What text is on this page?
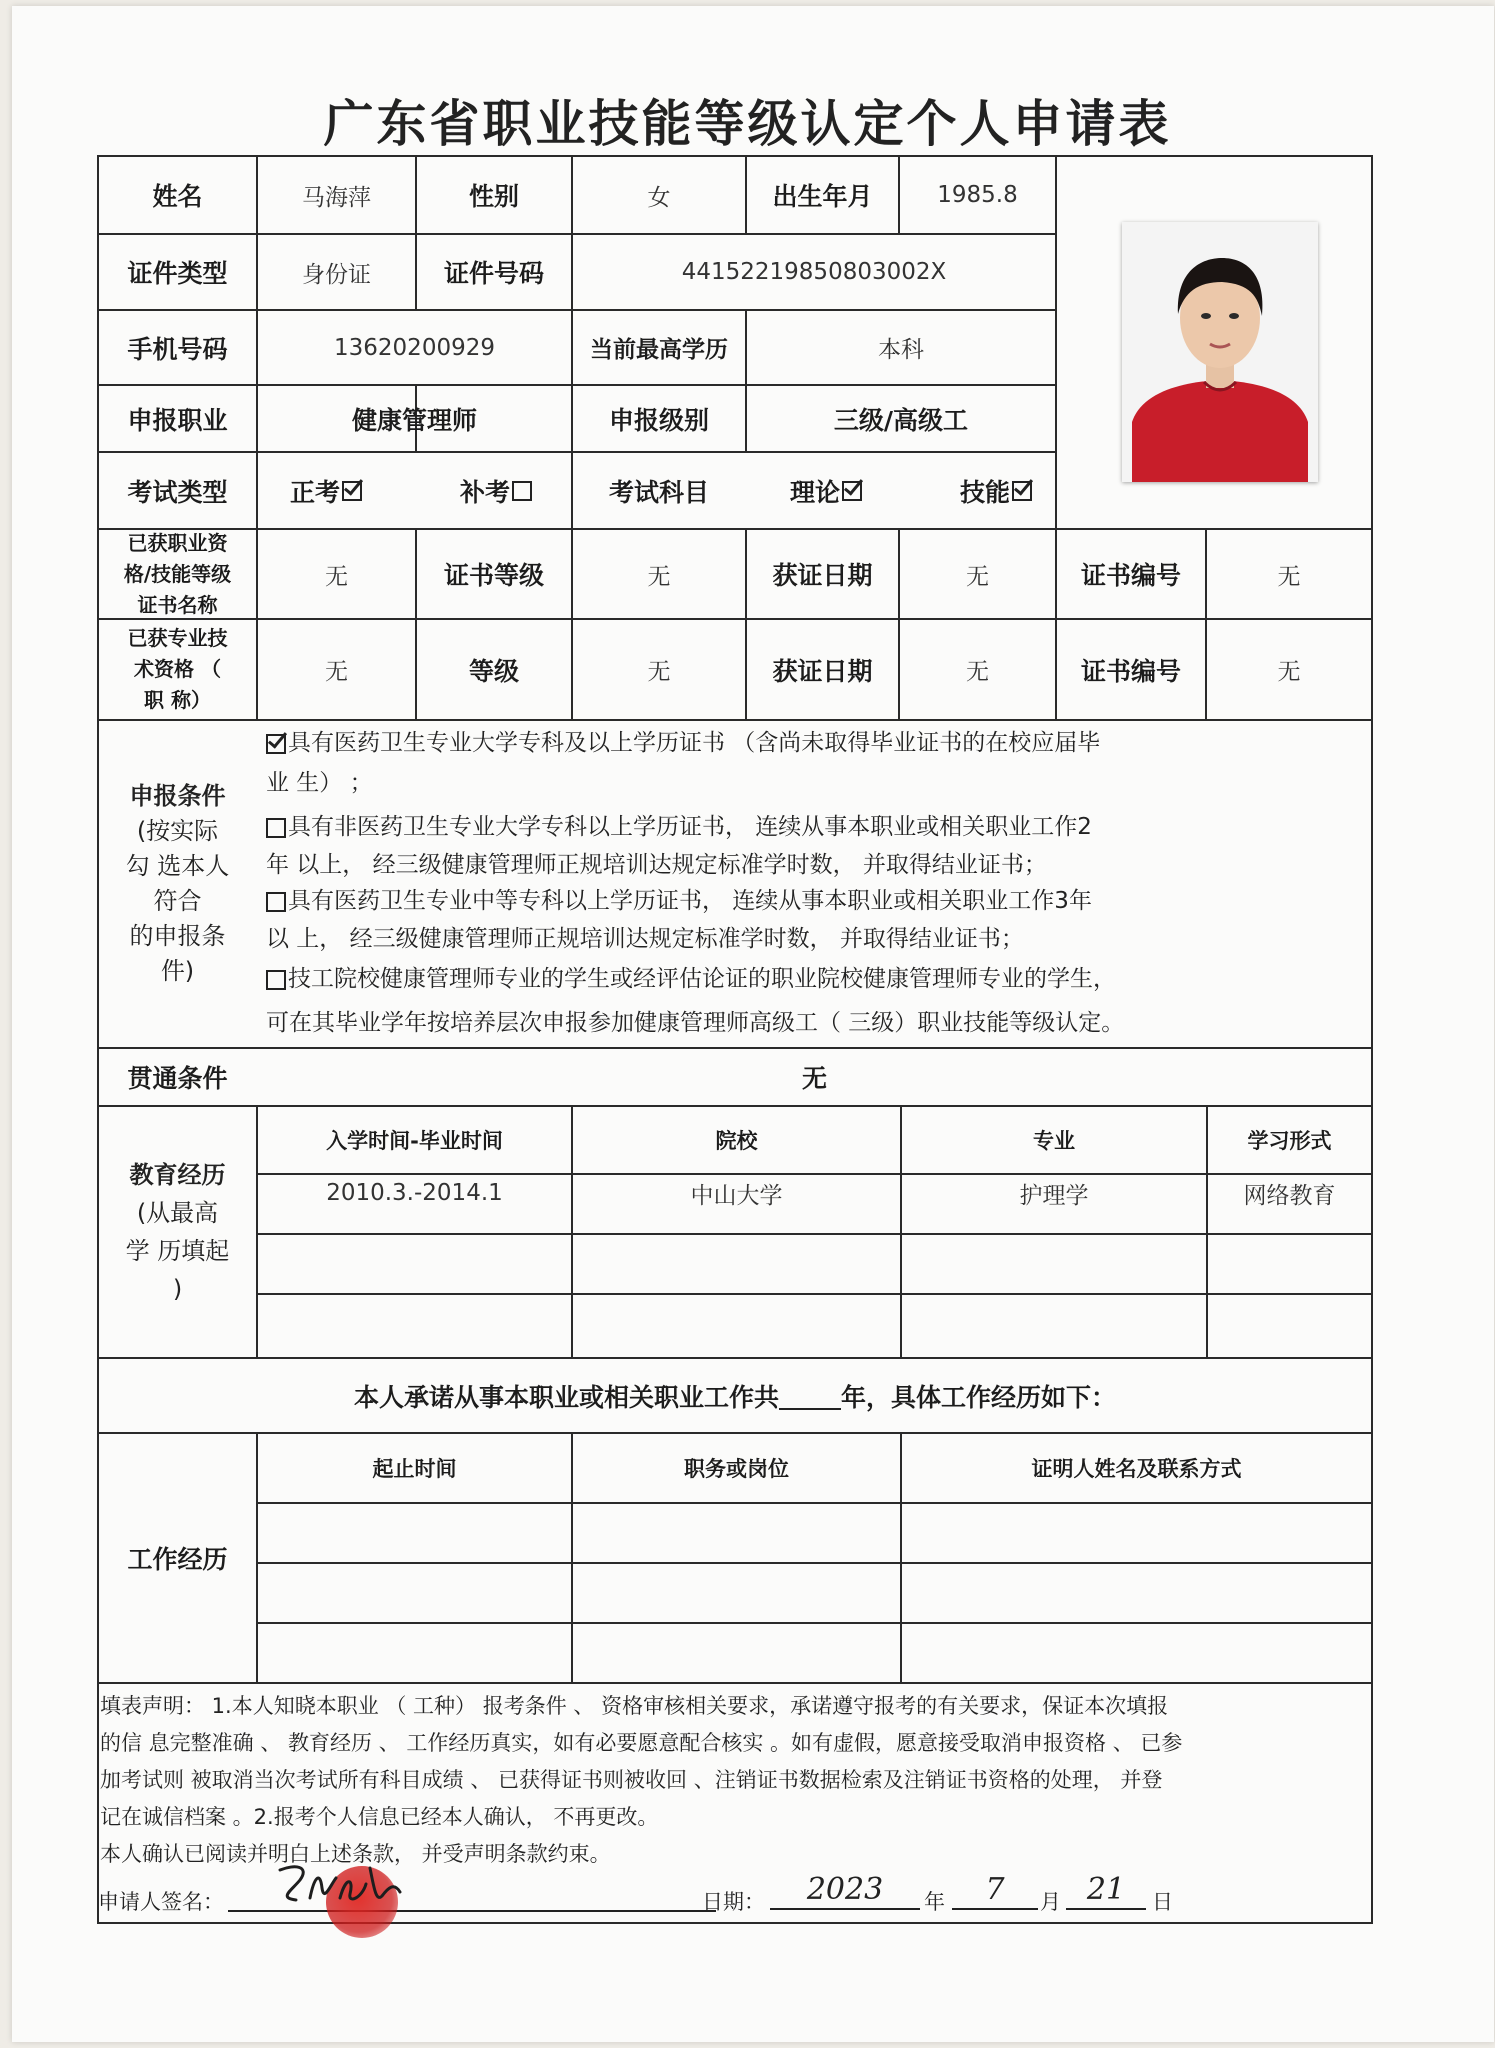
广东省职业技能等级认定个人申请表
姓名	马海萍	性别	女	出生年月	1985.8
证件类型	身份证	证件号码	44152219850803002X
手机号码	13620200929	当前最高学历	本科
申报职业	健康管理师	申报级别	三级/高级工
考试类型	正考	补考	考试科目	理论	技能
已获职业资
格/技能等级
证书名称
无	证书等级	无	获证日期	无	证书编号	无
已获专业技
术资格 （
职 称）
无	等级	无	获证日期	无	证书编号	无
申报条件
(按实际
勾 选本人
符合
的申报条
件)
具有医药卫生专业大学专科及以上学历证书 （含尚未取得毕业证书的在校应届毕
业 生） ；
具有非医药卫生专业大学专科以上学历证书， 连续从事本职业或相关职业工作2
年 以上， 经三级健康管理师正规培训达规定标准学时数， 并取得结业证书；
具有医药卫生专业中等专科以上学历证书， 连续从事本职业或相关职业工作3年
以 上， 经三级健康管理师正规培训达规定标准学时数， 并取得结业证书；
技工院校健康管理师专业的学生或经评估论证的职业院校健康管理师专业的学生，
可在其毕业学年按培养层次申报参加健康管理师高级工（ 三级）职业技能等级认定。
贯通条件	无
教育经历
(从最高
学 历填起
)
入学时间-毕业时间	院校	专业	学习形式
2010.3.-2014.1	中山大学	护理学	网络教育
本人承诺从事本职业或相关职业工作共 年，具体工作经历如下：
工作经历
起止时间	职务或岗位	证明人姓名及联系方式
填表声明： 1.本人知晓本职业 （ 工种） 报考条件 、 资格审核相关要求，承诺遵守报考的有关要求，保证本次填报
的信 息完整准确 、 教育经历 、 工作经历真实，如有必要愿意配合核实 。如有虚假，愿意接受取消申报资格 、 已参
加考试则 被取消当次考试所有科目成绩 、 已获得证书则被收回 、注销证书数据检索及注销证书资格的处理， 并登
记在诚信档案 。2.报考个人信息已经本人确认， 不再更改。
本人确认已阅读并明白上述条款， 并受声明条款约束。
申请人签名：	日期：	2023	年	7	月 21	日
